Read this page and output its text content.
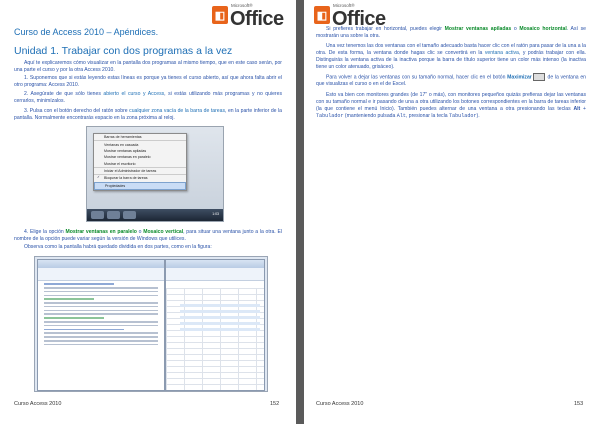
◧
Microsoft®
Office
Curso de Access 2010 – Apéndices.
Unidad 1. Trabajar con dos programas a la vez

Aquí te explicaremos cómo visualizar en la pantalla dos programas al mismo tiempo, que en este caso serán, por una parte el curso y por la otra Access 2010.

1. Suponemos que si estás leyendo estas líneas es porque ya tienes el curso abierto, así que ahora falta abrir el otro programa: Access 2010.

2. Asegúrate de que sólo tienes abierto el curso y Access, si estás utilizando más programas y no quieres cerrarlos, minimízalos.

3. Pulsa con el botón derecho del ratón sobre cualquier zona vacía de la barra de tareas, en la parte inferior de la pantalla. Normalmente encontrarás espacio en la zona próxima al reloj.

Barras de herramientas
Ventanas en cascada
Mostrar ventanas apiladas
Mostrar ventanas en paralelo
Mostrar el escritorio
Iniciar el Administrador de tareas
✓ Bloquear la barra de tareas
Propiedades
1:03

4. Elige la opción Mostrar ventanas en paralelo o Mosaico vertical, para situar una ventana junto a la otra. El nombre de la opción puede variar según la versión de Windows que utilices.

Observa como la pantalla habrá quedado dividida en dos partes, como en la figura:

Curso Access 2010	152
◧
Microsoft®
Office

Si prefieres trabajar en horizontal, puedes elegir Mostrar ventanas apiladas o Mosaico horizontal. Así se mostrarán una sobre la otra.

Una vez tenemos las dos ventanas con el tamaño adecuado basta hacer clic con el ratón para pasar de la una a la otra. De esta forma, la ventana donde hagas clic se convertirá en la ventana activa, y podrás trabajar con ella. Distinguirás la ventana activa de la inactiva porque la barra de título superior tiene un color más intenso (la inactiva tiene un color atenuado, grisáceo).

Para volver a dejar las ventanas con su tamaño normal, hacer clic en el botón Maximizar	de la ventana en que visualizas el curso o en el de Excel.

Esto va bien con monitores grandes (de 17" o más), con monitores pequeños quizás prefieras dejar las ventanas con su tamaño normal e ir pasando de una a otra utilizando los botones correspondientes en la barra de tareas inferior (la que contiene el menú Inicio). También puedes alternar de una ventana a otra presionando las teclas Alt + Tabulador (manteniendo pulsada Alt, presionar la tecla Tabulador).

Curso Access 2010	153
